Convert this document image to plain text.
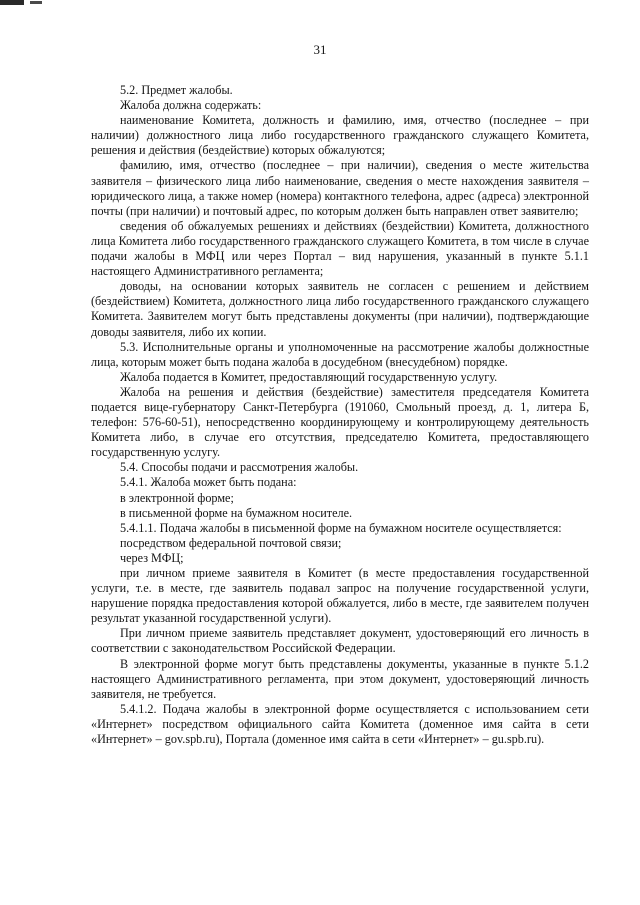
31

5.2. Предмет жалобы.

Жалоба должна содержать:

наименование Комитета, должность и фамилию, имя, отчество (последнее – при наличии) должностного лица либо государственного гражданского служащего Комитета, решения и действия (бездействие) которых обжалуются;

фамилию, имя, отчество (последнее – при наличии), сведения о месте жительства заявителя – физического лица либо наименование, сведения о месте нахождения заявителя – юридического лица, а также номер (номера) контактного телефона, адрес (адреса) электронной почты (при наличии) и почтовый адрес, по которым должен быть направлен ответ заявителю;

сведения об обжалуемых решениях и действиях (бездействии) Комитета, должностного лица Комитета либо государственного гражданского служащего Комитета, в том числе в случае подачи жалобы в МФЦ или через Портал – вид нарушения, указанный в пункте 5.1.1 настоящего Административного регламента;

доводы, на основании которых заявитель не согласен с решением и действием (бездействием) Комитета, должностного лица либо государственного гражданского служащего Комитета. Заявителем могут быть представлены документы (при наличии), подтверждающие доводы заявителя, либо их копии.

5.3. Исполнительные органы и уполномоченные на рассмотрение жалобы должностные лица, которым может быть подана жалоба в досудебном (внесудебном) порядке.

Жалоба подается в Комитет, предоставляющий государственную услугу.

Жалоба на решения и действия (бездействие) заместителя председателя Комитета подается вице-губернатору Санкт-Петербурга (191060, Смольный проезд, д. 1, литера Б, телефон: 576-60-51), непосредственно координирующему и контролирующему деятельность Комитета либо, в случае его отсутствия, председателю Комитета, предоставляющего государственную услугу.

5.4. Способы подачи и рассмотрения жалобы.

5.4.1. Жалоба может быть подана:

в электронной форме;

в письменной форме на бумажном носителе.

5.4.1.1. Подача жалобы в письменной форме на бумажном носителе осуществляется:

посредством федеральной почтовой связи;

через МФЦ;

при личном приеме заявителя в Комитет (в месте предоставления государственной услуги, т.е. в месте, где заявитель подавал запрос на получение государственной услуги, нарушение порядка предоставления которой обжалуется, либо в месте, где заявителем получен результат указанной государственной услуги).

При личном приеме заявитель представляет документ, удостоверяющий его личность в соответствии с законодательством Российской Федерации.

В электронной форме могут быть представлены документы, указанные в пункте 5.1.2 настоящего Административного регламента, при этом документ, удостоверяющий личность заявителя, не требуется.

5.4.1.2. Подача жалобы в электронной форме осуществляется с использованием сети «Интернет» посредством официального сайта Комитета (доменное имя сайта в сети «Интернет» – gov.spb.ru), Портала (доменное имя сайта в сети «Интернет» – gu.spb.ru).
